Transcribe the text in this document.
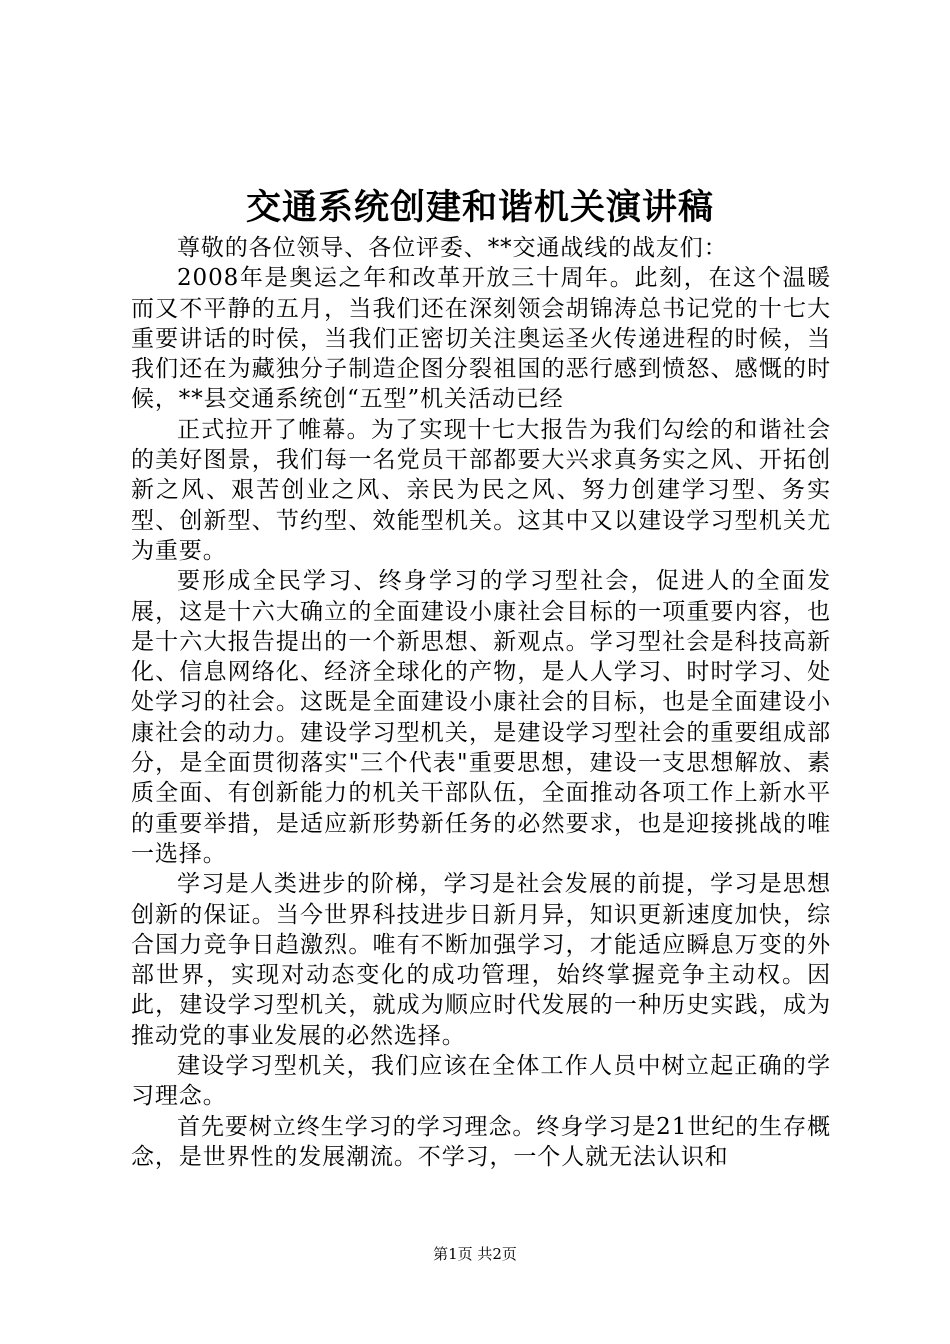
交通系统创建和谐机关演讲稿

尊敬的各位领导、各位评委、**交通战线的战友们：

2008年是奥运之年和改革开放三十周年。此刻，在这个温暖而又不平静的五月，当我们还在深刻领会胡锦涛总书记党的十七大重要讲话的时侯，当我们正密切关注奥运圣火传递进程的时候，当我们还在为藏独分子制造企图分裂祖国的恶行感到愤怒、感慨的时候，**县交通系统创“五型”机关活动已经

正式拉开了帷幕。为了实现十七大报告为我们勾绘的和谐社会的美好图景，我们每一名党员干部都要大兴求真务实之风、开拓创新之风、艰苦创业之风、亲民为民之风、努力创建学习型、务实型、创新型、节约型、效能型机关。这其中又以建设学习型机关尤为重要。

要形成全民学习、终身学习的学习型社会，促进人的全面发展，这是十六大确立的全面建设小康社会目标的一项重要内容，也是十六大报告提出的一个新思想、新观点。学习型社会是科技高新化、信息网络化、经济全球化的产物，是人人学习、时时学习、处处学习的社会。这既是全面建设小康社会的目标，也是全面建设小康社会的动力。建设学习型机关，是建设学习型社会的重要组成部分，是全面贯彻落实"三个代表"重要思想，建设一支思想解放、素质全面、有创新能力的机关干部队伍，全面推动各项工作上新水平的重要举措，是适应新形势新任务的必然要求，也是迎接挑战的唯一选择。

学习是人类进步的阶梯，学习是社会发展的前提，学习是思想创新的保证。当今世界科技进步日新月异，知识更新速度加快，综合国力竞争日趋激烈。唯有不断加强学习，才能适应瞬息万变的外部世界，实现对动态变化的成功管理，始终掌握竞争主动权。因此，建设学习型机关，就成为顺应时代发展的一种历史实践，成为推动党的事业发展的必然选择。

建设学习型机关，我们应该在全体工作人员中树立起正确的学习理念。

首先要树立终生学习的学习理念。终身学习是21世纪的生存概念，是世界性的发展潮流。不学习，一个人就无法认识和

第1页 共2页
